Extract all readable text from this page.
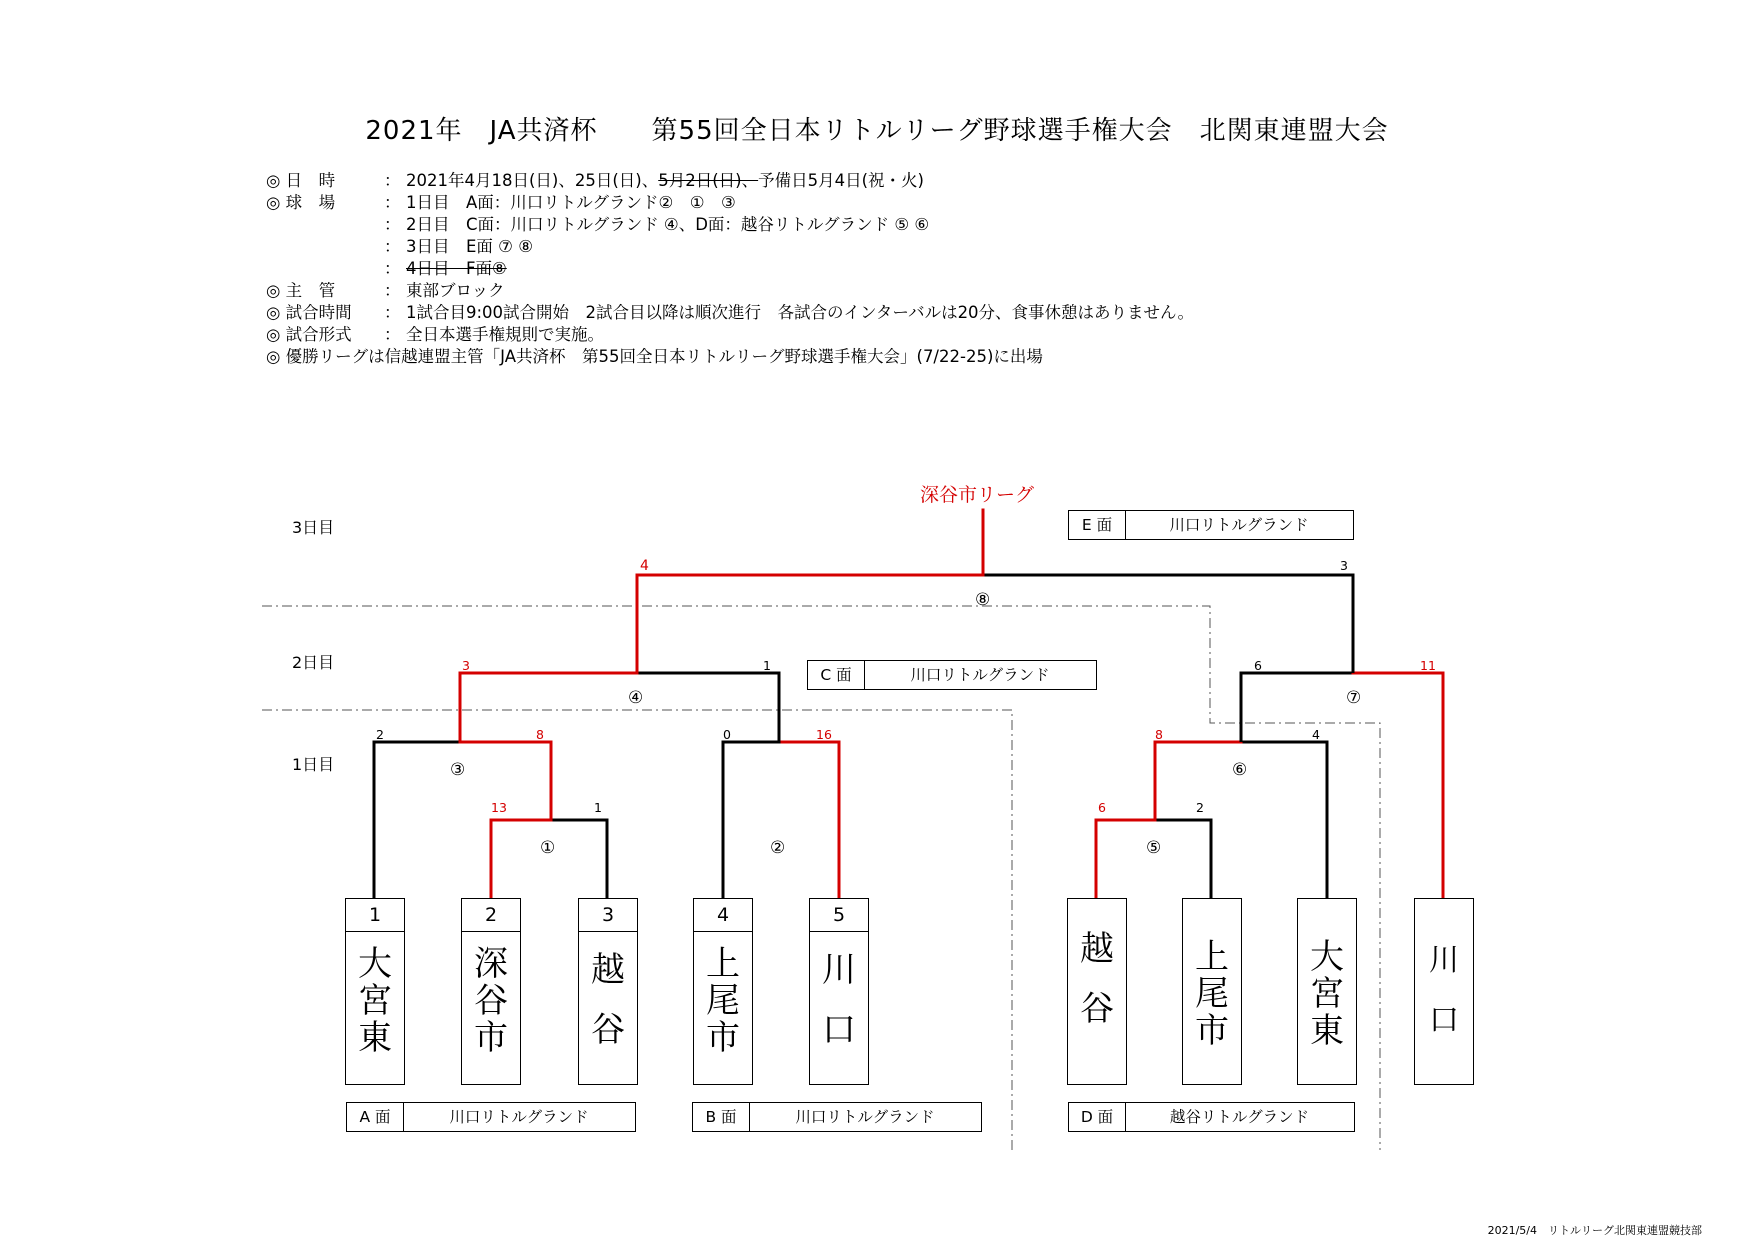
2021年　JA共済杯　　第55回全日本リトルリーグ野球選手権大会　北関東連盟大会
◎ 日　時	： 2021年4月18日(日)、25日(日)、5月2日(日)、予備日5月4日(祝・火)
◎ 球　場	： 1日目　A面：川口リトルグランド②　①　③
： 2日目　C面：川口リトルグランド ④、D面：越谷リトルグランド ⑤ ⑥
： 3日目　E面 ⑦ ⑧
： 4日目　F面⑧
◎ 主　管	： 東部ブロック
◎ 試合時間 ： 1試合目9:00試合開始　2試合目以降は順次進行　各試合のインターバルは20分、食事休憩はありません。
◎ 試合形式 ： 全日本選手権規則で実施。
◎ 優勝リーグは信越連盟主管「JA共済杯　第55回全日本リトルリーグ野球選手権大会」(7/22-25)に出場
深谷市リーグ
3日目
2日目
1日目
E 面	川口リトルグランド
C 面	川口リトルグランド
A 面	川口リトルグランド	B 面	川口リトルグランド	D 面	越谷リトルグランド
1
大宮東
2
深谷市
3
越谷
4
上尾市
5
川口
越谷
上尾市
大宮東
川口
①	②
③
④
⑤
⑥
⑦
⑧
13	1
0	16
2	8
3	1
6	2
8	4
6	11
4	3
2021/5/4　リトルリーグ北関東連盟競技部
